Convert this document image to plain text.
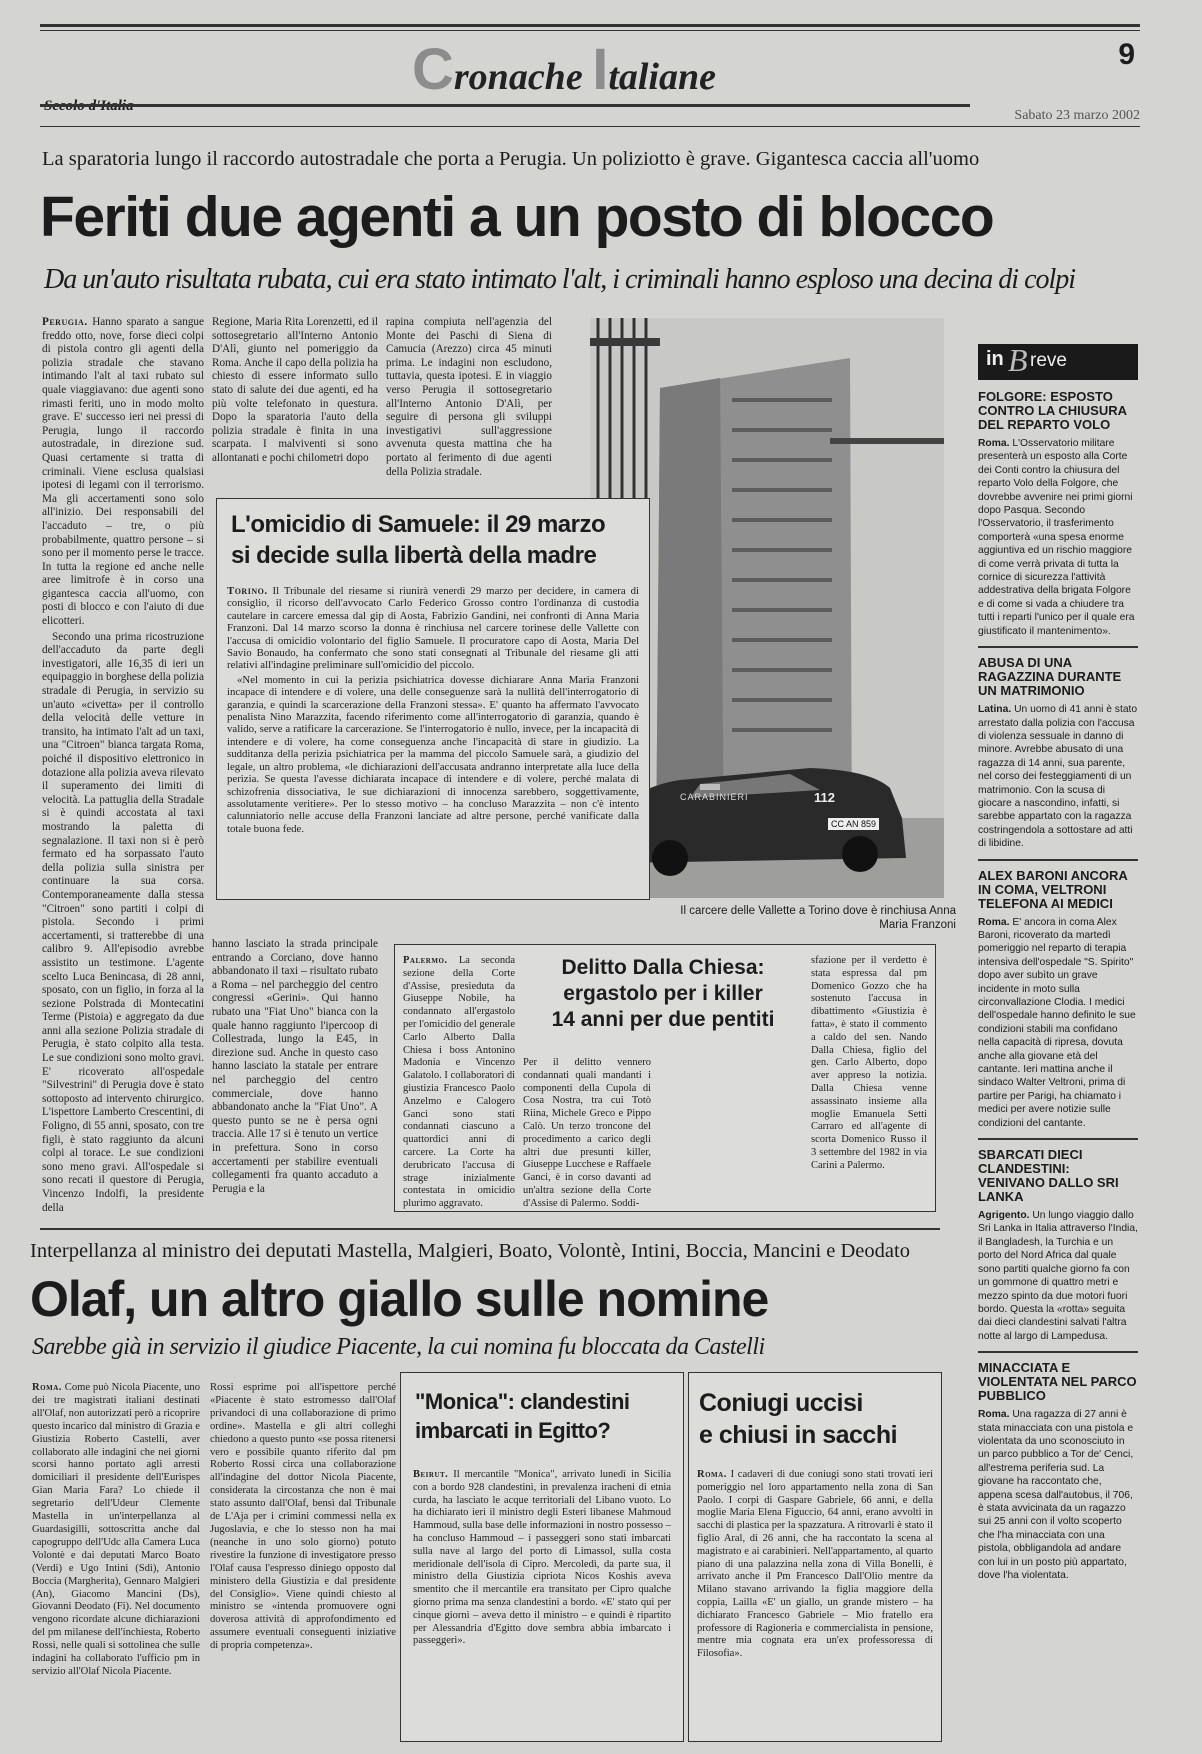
Cronache Italiane
9
Sabato 23 marzo 2002
La sparatoria lungo il raccordo autostradale che porta a Perugia. Un poliziotto è grave. Gigantesca caccia all'uomo
Feriti due agenti a un posto di blocco
Da un'auto risultata rubata, cui era stato intimato l'alt, i criminali hanno esploso una decina di colpi

Perugia. Hanno sparato a sangue freddo otto, nove, forse dieci colpi di pistola contro gli agenti della polizia stradale che stavano intimando l'alt al taxi rubato sul quale viaggiavano: due agenti sono rimasti feriti, uno in modo molto grave. E' successo ieri nei pressi di Perugia, lungo il raccordo autostradale, in direzione sud. Quasi certamente si tratta di criminali. Viene esclusa qualsiasi ipotesi di legami con il terrorismo. Ma gli accertamenti sono solo all'inizio. Dei responsabili del l'accaduto – tre, o più probabilmente, quattro persone – si sono per il momento perse le tracce. In tutta la regione ed anche nelle aree limitrofe è in corso una gigantesca caccia all'uomo, con posti di blocco e con l'aiuto di due elicotteri.

Secondo una prima ricostruzione dell'accaduto da parte degli investigatori, alle 16,35 di ieri un equipaggio in borghese della polizia stradale di Perugia, in servizio su un'auto «civetta» per il controllo della velocità delle vetture in transito, ha intimato l'alt ad un taxi, una "Citroen" bianca targata Roma, poiché il dispositivo elettronico in dotazione alla polizia aveva rilevato il superamento dei limiti di velocità. La pattuglia della Stradale si è quindi accostata al taxi mostrando la paletta di segnalazione. Il taxi non si è però fermato ed ha sorpassato l'auto della polizia sulla sinistra per continuare la sua corsa. Contemporaneamente dalla stessa "Citroen" sono partiti i colpi di pistola. Secondo i primi accertamenti, si tratterebbe di una calibro 9. All'episodio avrebbe assistito un testimone. L'agente scelto Luca Benincasa, di 28 anni, sposato, con un figlio, in forza al la sezione Polstrada di Montecatini Terme (Pistoia) e aggregato da due anni alla sezione Polizia stradale di Perugia, è stato colpito alla testa. Le sue condizioni sono molto gravi. E' ricoverato all'ospedale "Silvestrini" di Perugia dove è stato sottoposto ad intervento chirurgico. L'ispettore Lamberto Crescentini, di Foligno, di 55 anni, sposato, con tre figli, è stato raggiunto da alcuni colpi al torace. Le sue condizioni sono meno gravi. All'ospedale si sono recati il questore di Perugia, Vincenzo Indolfi, la presidente della

Regione, Maria Rita Lorenzetti, ed il sottosegretario all'Interno Antonio D'Alì, giunto nel pomeriggio da Roma. Anche il capo della polizia ha chiesto di essere informato sullo stato di salute dei due agenti, ed ha più volte telefonato in questura. Dopo la sparatoria l'auto della polizia stradale è finita in una scarpata. I malviventi si sono allontanati e pochi chilometri dopo

rapina compiuta nell'agenzia del Monte dei Paschi di Siena di Camucia (Arezzo) circa 45 minuti prima. Le indagini non escludono, tuttavia, questa ipotesi. E in viaggio verso Perugia il sottosegretario all'Interno Antonio D'Alì, per seguire di persona gli sviluppi investigativi sull'aggressione avvenuta questa mattina che ha portato al ferimento di due agenti della Polizia stradale.

hanno lasciato la strada principale entrando a Corciano, dove hanno abbandonato il taxi – risultato rubato a Roma – nel parcheggio del centro congressi «Gerini». Qui hanno rubato una "Fiat Uno" bianca con la quale hanno raggiunto l'ipercoop di Collestrada, lungo la E45, in direzione sud. Anche in questo caso hanno lasciato la statale per entrare nel parcheggio del centro commerciale, dove hanno abbandonato anche la "Fiat Uno". A questo punto se ne è persa ogni traccia. Alle 17 si è tenuto un vertice in prefettura. Sono in corso accertamenti per stabilire eventuali collegamenti fra quanto accaduto a Perugia e la

CARABINIERI	112
CC AN 859
Il carcere delle Vallette a Torino dove è rinchiusa Anna Maria Franzoni
L'omicidio di Samuele: il 29 marzo
si decide sulla libertà della madre

Torino. Il Tribunale del riesame si riunirà venerdì 29 marzo per decidere, in camera di consiglio, il ricorso dell'avvocato Carlo Federico Grosso contro l'ordinanza di custodia cautelare in carcere emessa dal gip di Aosta, Fabrizio Gandini, nei confronti di Anna Maria Franzoni. Dal 14 marzo scorso la donna è rinchiusa nel carcere torinese delle Vallette con l'accusa di omicidio volontario del figlio Samuele. Il procuratore capo di Aosta, Maria Del Savio Bonaudo, ha confermato che sono stati consegnati al Tribunale del riesame gli atti relativi all'indagine preliminare sull'omicidio del piccolo.

«Nel momento in cui la perizia psichiatrica dovesse dichiarare Anna Maria Franzoni incapace di intendere e di volere, una delle conseguenze sarà la nullità dell'interrogatorio di garanzia, e quindi la scarcerazione della Franzoni stessa». E' quanto ha affermato l'avvocato penalista Nino Marazzita, facendo riferimento come all'interrogatorio di garanzia, quando è valido, serve a ratificare la carcerazione. Se l'interrogatorio è nullo, invece, per la incapacità di intendere e di volere, ha come conseguenza anche l'incapacità di stare in giudizio. La sudditanza della perizia psichiatrica per la mamma del piccolo Samuele sarà, a giudizio del legale, un altro problema, «le dichiarazioni dell'accusata andranno interpretate alla luce della perizia. Se questa l'avesse dichiarata incapace di intendere e di volere, perché malata di schizofrenia dissociativa, le sue dichiarazioni di innocenza sarebbero, soggettivamente, assolutamente veritiere». Per lo stesso motivo – ha concluso Marazzita – non c'è intento calunniatorio nelle accuse della Franzoni lanciate ad altre persone, perché vanificate dalla totale buona fede.

Palermo. La seconda sezione della Corte d'Assise, presieduta da Giuseppe Nobile, ha condannato all'ergastolo per l'omicidio del generale Carlo Alberto Dalla Chiesa i boss Antonino Madonia e Vincenzo Galatolo. I collaboratori di giustizia Francesco Paolo Anzelmo e Calogero Ganci sono stati condannati ciascuno a quattordici anni di carcere. La Corte ha derubricato l'accusa di strage inizialmente contestata in omicidio plurimo aggravato.

Delitto Dalla Chiesa:
ergastolo per i killer
14 anni per due pentiti

Per il delitto vennero condannati quali mandanti i componenti della Cupola di Cosa Nostra, tra cui Totò Riina, Michele Greco e Pippo Calò. Un terzo troncone del procedimento a carico degli altri due presunti killer, Giuseppe Lucchese e Raffaele Ganci, è in corso davanti ad un'altra sezione della Corte d'Assise di Palermo. Soddi-

sfazione per il verdetto è stata espressa dal pm Domenico Gozzo che ha sostenuto l'accusa in dibattimento «Giustizia è fatta», è stato il commento a caldo del sen. Nando Dalla Chiesa, figlio del gen. Carlo Alberto, dopo aver appreso la notizia. Dalla Chiesa venne assassinato insieme alla moglie Emanuela Setti Carraro ed all'agente di scorta Domenico Russo il 3 settembre del 1982 in via Carini a Palermo.

Interpellanza al ministro dei deputati Mastella, Malgieri, Boato, Volontè, Intini, Boccia, Mancini e Deodato
Olaf, un altro giallo sulle nomine
Sarebbe già in servizio il giudice Piacente, la cui nomina fu bloccata da Castelli

Roma. Come può Nicola Piacente, uno dei tre magistrati italiani destinati all'Olaf, non autorizzati però a ricoprire questo incarico dal ministro di Grazia e Giustizia Roberto Castelli, aver collaborato alle indagini che nei giorni scorsi hanno portato agli arresti domiciliari il presidente dell'Eurispes Gian Maria Fara? Lo chiede il segretario dell'Udeur Clemente Mastella in un'interpellanza al Guardasigilli, sottoscritta anche dal capogruppo dell'Udc alla Camera Luca Volontè e dai deputati Marco Boato (Verdi) e Ugo Intini (Sdi), Antonio Boccia (Margherita), Gennaro Malgieri (An), Giacomo Mancini (Ds), Giovanni Deodato (Fi). Nel documento vengono ricordate alcune dichiarazioni del pm milanese dell'inchiesta, Roberto Rossi, nelle quali si sottolinea che sulle indagini ha collaborato l'ufficio pm in servizio all'Olaf Nicola Piacente.

Rossi esprime poi all'ispettore perché «Piacente è stato estromesso dall'Olaf privandoci di una collaborazione di primo ordine». Mastella e gli altri colleghi chiedono a questo punto «se possa ritenersi vero e possibile quanto riferito dal pm Roberto Rossi circa una collaborazione all'indagine del dottor Nicola Piacente, considerata la circostanza che non è mai stato assunto dall'Olaf, bensì dal Tribunale de L'Aja per i crimini commessi nella ex Jugoslavia, e che lo stesso non ha mai (neanche in uno solo giorno) potuto rivestire la funzione di investigatore presso l'Olaf causa l'espresso diniego opposto dal ministero della Giustizia e dal presidente del Consiglio». Viene quindi chiesto al ministro se «intenda promuovere ogni doverosa attività di approfondimento ed assumere eventuali conseguenti iniziative di propria competenza».

"Monica": clandestini
imbarcati in Egitto?

Beirut. Il mercantile "Monica", arrivato lunedì in Sicilia con a bordo 928 clandestini, in prevalenza iracheni di etnia curda, ha lasciato le acque territoriali del Libano vuoto. Lo ha dichiarato ieri il ministro degli Esteri libanese Mahmoud Hammoud, sulla base delle informazioni in nostro possesso – ha concluso Hammoud – i passeggeri sono stati imbarcati sulla nave al largo del porto di Limassol, sulla costa meridionale dell'isola di Cipro. Mercoledì, da parte sua, il ministro della Giustizia cipriota Nicos Koshis aveva smentito che il mercantile era transitato per Cipro qualche giorno prima ma senza clandestini a bordo. «E' stato qui per cinque giorni – aveva detto il ministro – e quindi è ripartito per Alessandria d'Egitto dove sembra abbia imbarcato i passeggeri».

Coniugi uccisi
e chiusi in sacchi

Roma. I cadaveri di due coniugi sono stati trovati ieri pomeriggio nel loro appartamento nella zona di San Paolo. I corpi di Gaspare Gabriele, 66 anni, e della moglie Maria Elena Figuccio, 64 anni, erano avvolti in sacchi di plastica per la spazzatura. A ritrovarli è stato il figlio Aral, di 26 anni, che ha raccontato la scena al magistrato e ai carabinieri. Nell'appartamento, al quarto piano di una palazzina nella zona di Villa Bonelli, è arrivato anche il Pm Francesco Dall'Olio mentre da Milano stavano arrivando la figlia maggiore della coppia, Lailla «E' un giallo, un grande mistero – ha dichiarato Francesco Gabriele – Mio fratello era professore di Ragioneria e commercialista in pensione, mentre mia cognata era un'ex professoressa di Filosofia».

in B reve

FOLGORE: ESPOSTO CONTRO LA CHIUSURA DEL REPARTO VOLO

Roma. L'Osservatorio militare presenterà un esposto alla Corte dei Conti contro la chiusura del reparto Volo della Folgore, che dovrebbe avvenire nei primi giorni dopo Pasqua. Secondo l'Osservatorio, il trasferimento comporterà «una spesa enorme aggiuntiva ed un rischio maggiore di come verrà privata di tutta la cornice di sicurezza l'attività addestrativa della brigata Folgore e di come si vada a chiudere tra tutti i reparti l'unico per il quale era giustificato il mantenimento».

ABUSA DI UNA RAGAZZINA DURANTE UN MATRIMONIO

Latina. Un uomo di 41 anni è stato arrestato dalla polizia con l'accusa di violenza sessuale in danno di minore. Avrebbe abusato di una ragazza di 14 anni, sua parente, nel corso dei festeggiamenti di un matrimonio. Con la scusa di giocare a nascondino, infatti, si sarebbe appartato con la ragazza costringendola a sottostare ad atti di libidine.

ALEX BARONI ANCORA IN COMA, VELTRONI TELEFONA AI MEDICI

Roma. E' ancora in coma Alex Baroni, ricoverato da martedì pomeriggio nel reparto di terapia intensiva dell'ospedale "S. Spirito" dopo aver subìto un grave incidente in moto sulla circonvallazione Clodia. I medici dell'ospedale hanno definito le sue condizioni stabili ma confidano nella capacità di ripresa, dovuta anche alla giovane età del cantante. Ieri mattina anche il sindaco Walter Veltroni, prima di partire per Parigi, ha chiamato i medici per avere notizie sulle condizioni del cantante.

SBARCATI DIECI CLANDESTINI: VENIVANO DALLO SRI LANKA

Agrigento. Un lungo viaggio dallo Sri Lanka in Italia attraverso l'India, il Bangladesh, la Turchia e un porto del Nord Africa dal quale sono partiti qualche giorno fa con un gommone di quattro metri e mezzo spinto da due motori fuori bordo. Questa la «rotta» seguita dai dieci clandestini salvati l'altra notte al largo di Lampedusa.

MINACCIATA E VIOLENTATA NEL PARCO PUBBLICO

Roma. Una ragazza di 27 anni è stata minacciata con una pistola e violentata da uno sconosciuto in un parco pubblico a Tor de' Cenci, all'estrema periferia sud. La giovane ha raccontato che, appena scesa dall'autobus, il 706, è stata avvicinata da un ragazzo sui 25 anni con il volto scoperto che l'ha minacciata con una pistola, obbligandola ad andare con lui in un posto più appartato, dove l'ha violentata.
